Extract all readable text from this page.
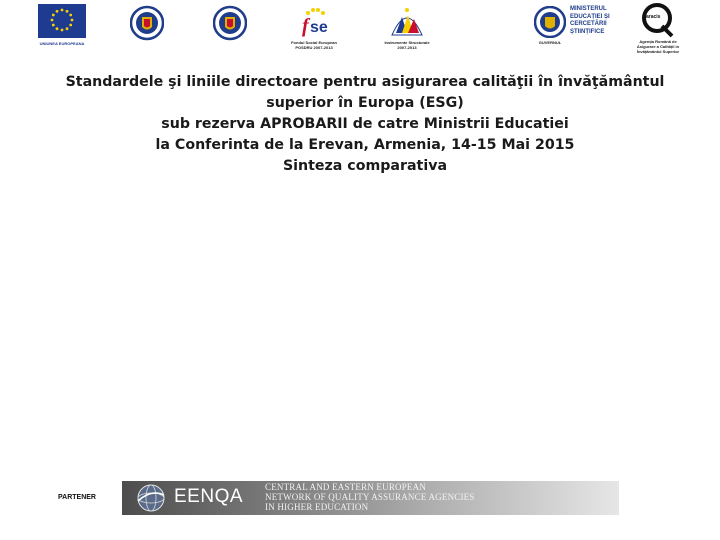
UNIUNEA EUROPEANA
f se
Fondul Social European
POSDRU 2007-2013
Instrumente Structurale
2007-2013
GUVERNUL
MINISTERUL
EDUCAȚIEI ȘI
CERCETĂRII
ȘTIINȚIFICE
aracis
Agenția Română de
Asigurare a Calității în
Învățământul Superior
Standardele şi liniile directoare pentru asigurarea calităţii în învăţământul
superior în Europa (ESG)
sub rezerva APROBARII de catre Ministrii Educatiei
la Conferinta de la Erevan, Armenia, 14-15 Mai 2015
Sinteza comparativa
PARTENER	EENQA CENTRAL AND EASTERN EUROPEAN
NETWORK OF QUALITY ASSURANCE AGENCIES
IN HIGHER EDUCATION
